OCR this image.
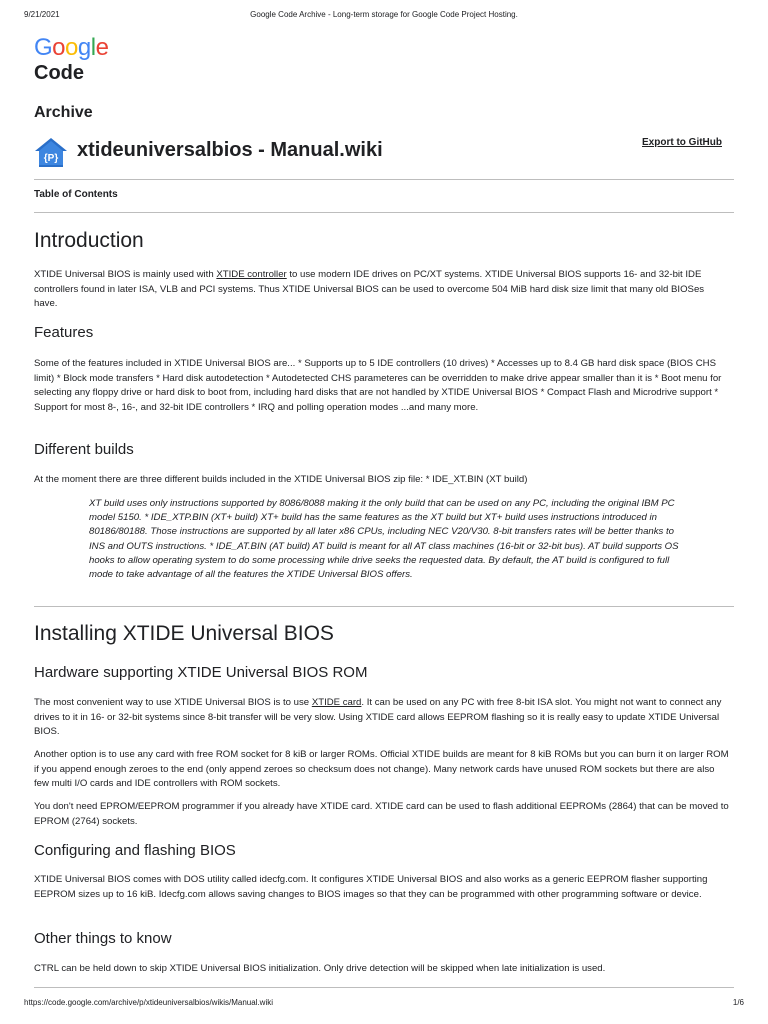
9/21/2021	Google Code Archive - Long-term storage for Google Code Project Hosting.
Google
Code
Archive
{P} xtideuniversalbios - Manual.wiki	Export to GitHub
Table of Contents
Introduction

XTIDE Universal BIOS is mainly used with XTIDE controller to use modern IDE drives on PC/XT systems. XTIDE Universal BIOS supports 16- and 32-bit IDE controllers found in later ISA, VLB and PCI systems. Thus XTIDE Universal BIOS can be used to overcome 504 MiB hard disk size limit that many old BIOSes have.

Features

Some of the features included in XTIDE Universal BIOS are... * Supports up to 5 IDE controllers (10 drives) * Accesses up to 8.4 GB hard disk space (BIOS CHS limit) * Block mode transfers * Hard disk autodetection * Autodetected CHS parameteres can be overridden to make drive appear smaller than it is * Boot menu for selecting any floppy drive or hard disk to boot from, including hard disks that are not handled by XTIDE Universal BIOS * Compact Flash and Microdrive support * Support for most 8-, 16-, and 32-bit IDE controllers * IRQ and polling operation modes ...and many more.

Different builds

At the moment there are three different builds included in the XTIDE Universal BIOS zip file: * IDE_XT.BIN (XT build)

XT build uses only instructions supported by 8086/8088 making it the only build that can be used on any PC, including the original IBM PC model 5150. * IDE_XTP.BIN (XT+ build) XT+ build has the same features as the XT build but XT+ build uses instructions introduced in 80186/80188. Those instructions are supported by all later x86 CPUs, including NEC V20/V30. 8-bit transfers rates will be better thanks to INS and OUTS instructions. * IDE_AT.BIN (AT build) AT build is meant for all AT class machines (16-bit or 32-bit bus). AT build supports OS hooks to allow operating system to do some processing while drive seeks the requested data. By default, the AT build is configured to full mode to take advantage of all the features the XTIDE Universal BIOS offers.
Installing XTIDE Universal BIOS
Hardware supporting XTIDE Universal BIOS ROM

The most convenient way to use XTIDE Universal BIOS is to use XTIDE card. It can be used on any PC with free 8-bit ISA slot. You might not want to connect any drives to it in 16- or 32-bit systems since 8-bit transfer will be very slow. Using XTIDE card allows EEPROM flashing so it is really easy to update XTIDE Universal BIOS.

Another option is to use any card with free ROM socket for 8 kiB or larger ROMs. Official XTIDE builds are meant for 8 kiB ROMs but you can burn it on larger ROM if you append enough zeroes to the end (only append zeroes so checksum does not change). Many network cards have unused ROM sockets but there are also few multi I/O cards and IDE controllers with ROM sockets.

You don't need EPROM/EEPROM programmer if you already have XTIDE card. XTIDE card can be used to flash additional EEPROMs (2864) that can be moved to EPROM (2764) sockets.

Configuring and flashing BIOS

XTIDE Universal BIOS comes with DOS utility called idecfg.com. It configures XTIDE Universal BIOS and also works as a generic EEPROM flasher supporting EEPROM sizes up to 16 kiB. Idecfg.com allows saving changes to BIOS images so that they can be programmed with other programming software or device.

Other things to know

CTRL can be held down to skip XTIDE Universal BIOS initialization. Only drive detection will be skipped when late initialization is used.

https://code.google.com/archive/p/xtideuniversalbios/wikis/Manual.wiki	1/6
